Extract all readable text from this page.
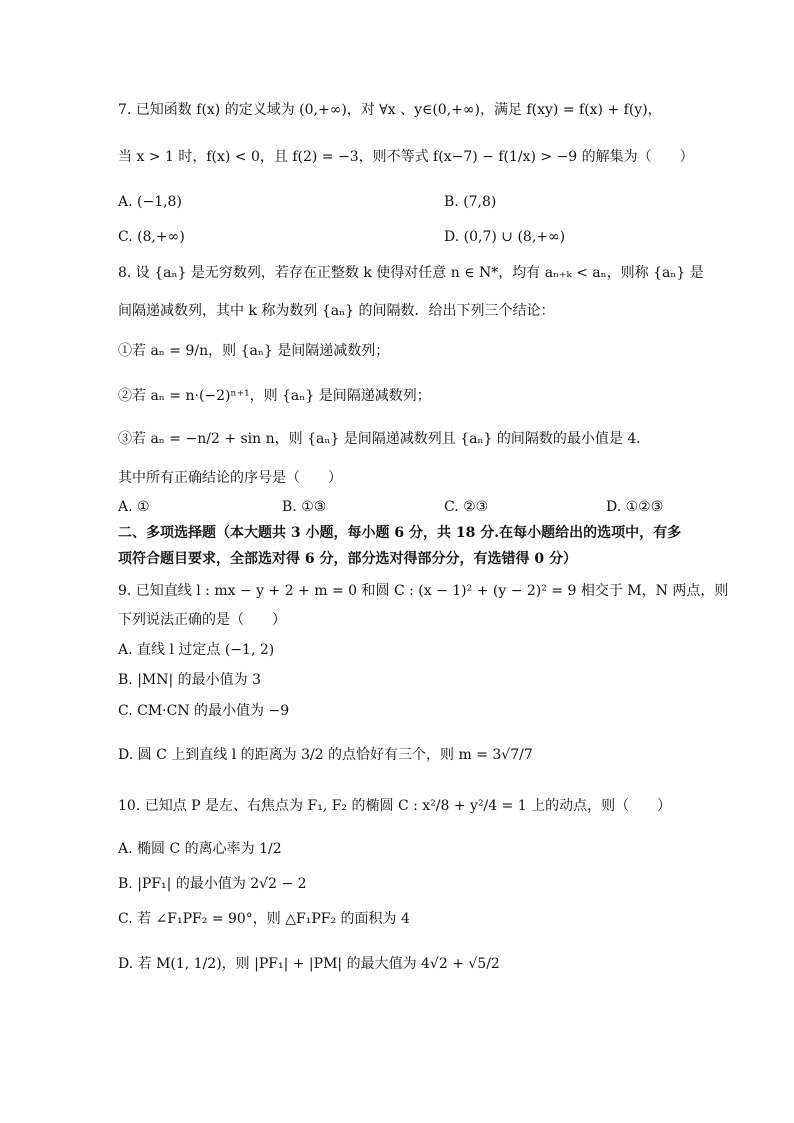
7. 已知函数 f(x) 的定义域为 (0,+∞)，对 ∀x 、y∈(0,+∞)，满足 f(xy) = f(x) + f(y)，
当 x > 1 时，f(x) < 0，且 f(2) = −3，则不等式 f(x−7) − f(1/x) > −9 的解集为（　　）
A. (−1,8)	B. (7,8)
C. (8,+∞)	D. (0,7) ∪ (8,+∞)
8. 设 {aₙ} 是无穷数列，若存在正整数 k 使得对任意 n ∈ N*，均有 aₙ₊ₖ < aₙ，则称 {aₙ} 是
间隔递减数列，其中 k 称为数列 {aₙ} 的间隔数．给出下列三个结论：
①若 aₙ = 9/n，则 {aₙ} 是间隔递减数列；
②若 aₙ = n·(−2)ⁿ⁺¹，则 {aₙ} 是间隔递减数列；
③若 aₙ = −n/2 + sin n，则 {aₙ} 是间隔递减数列且 {aₙ} 的间隔数的最小值是 4．
其中所有正确结论的序号是（　　）
A. ①	B. ①③	C. ②③	D. ①②③
二、多项选择题（本大题共 3 小题，每小题 6 分，共 18 分.在每小题给出的选项中，有多
项符合题目要求，全部选对得 6 分，部分选对得部分分，有选错得 0 分）
9. 已知直线 l : mx − y + 2 + m = 0 和圆 C : (x − 1)² + (y − 2)² = 9 相交于 M，N 两点，则
下列说法正确的是（　　）
A. 直线 l 过定点 (−1, 2)
B. |MN| 的最小值为 3
C. CM·CN 的最小值为 −9
D. 圆 C 上到直线 l 的距离为 3/2 的点恰好有三个，则 m = 3√7/7
10. 已知点 P 是左、右焦点为 F₁, F₂ 的椭圆 C : x²/8 + y²/4 = 1 上的动点，则（　　）
A. 椭圆 C 的离心率为 1/2
B. |PF₁| 的最小值为 2√2 − 2
C. 若 ∠F₁PF₂ = 90°，则 △F₁PF₂ 的面积为 4
D. 若 M(1, 1/2)，则 |PF₁| + |PM| 的最大值为 4√2 + √5/2
